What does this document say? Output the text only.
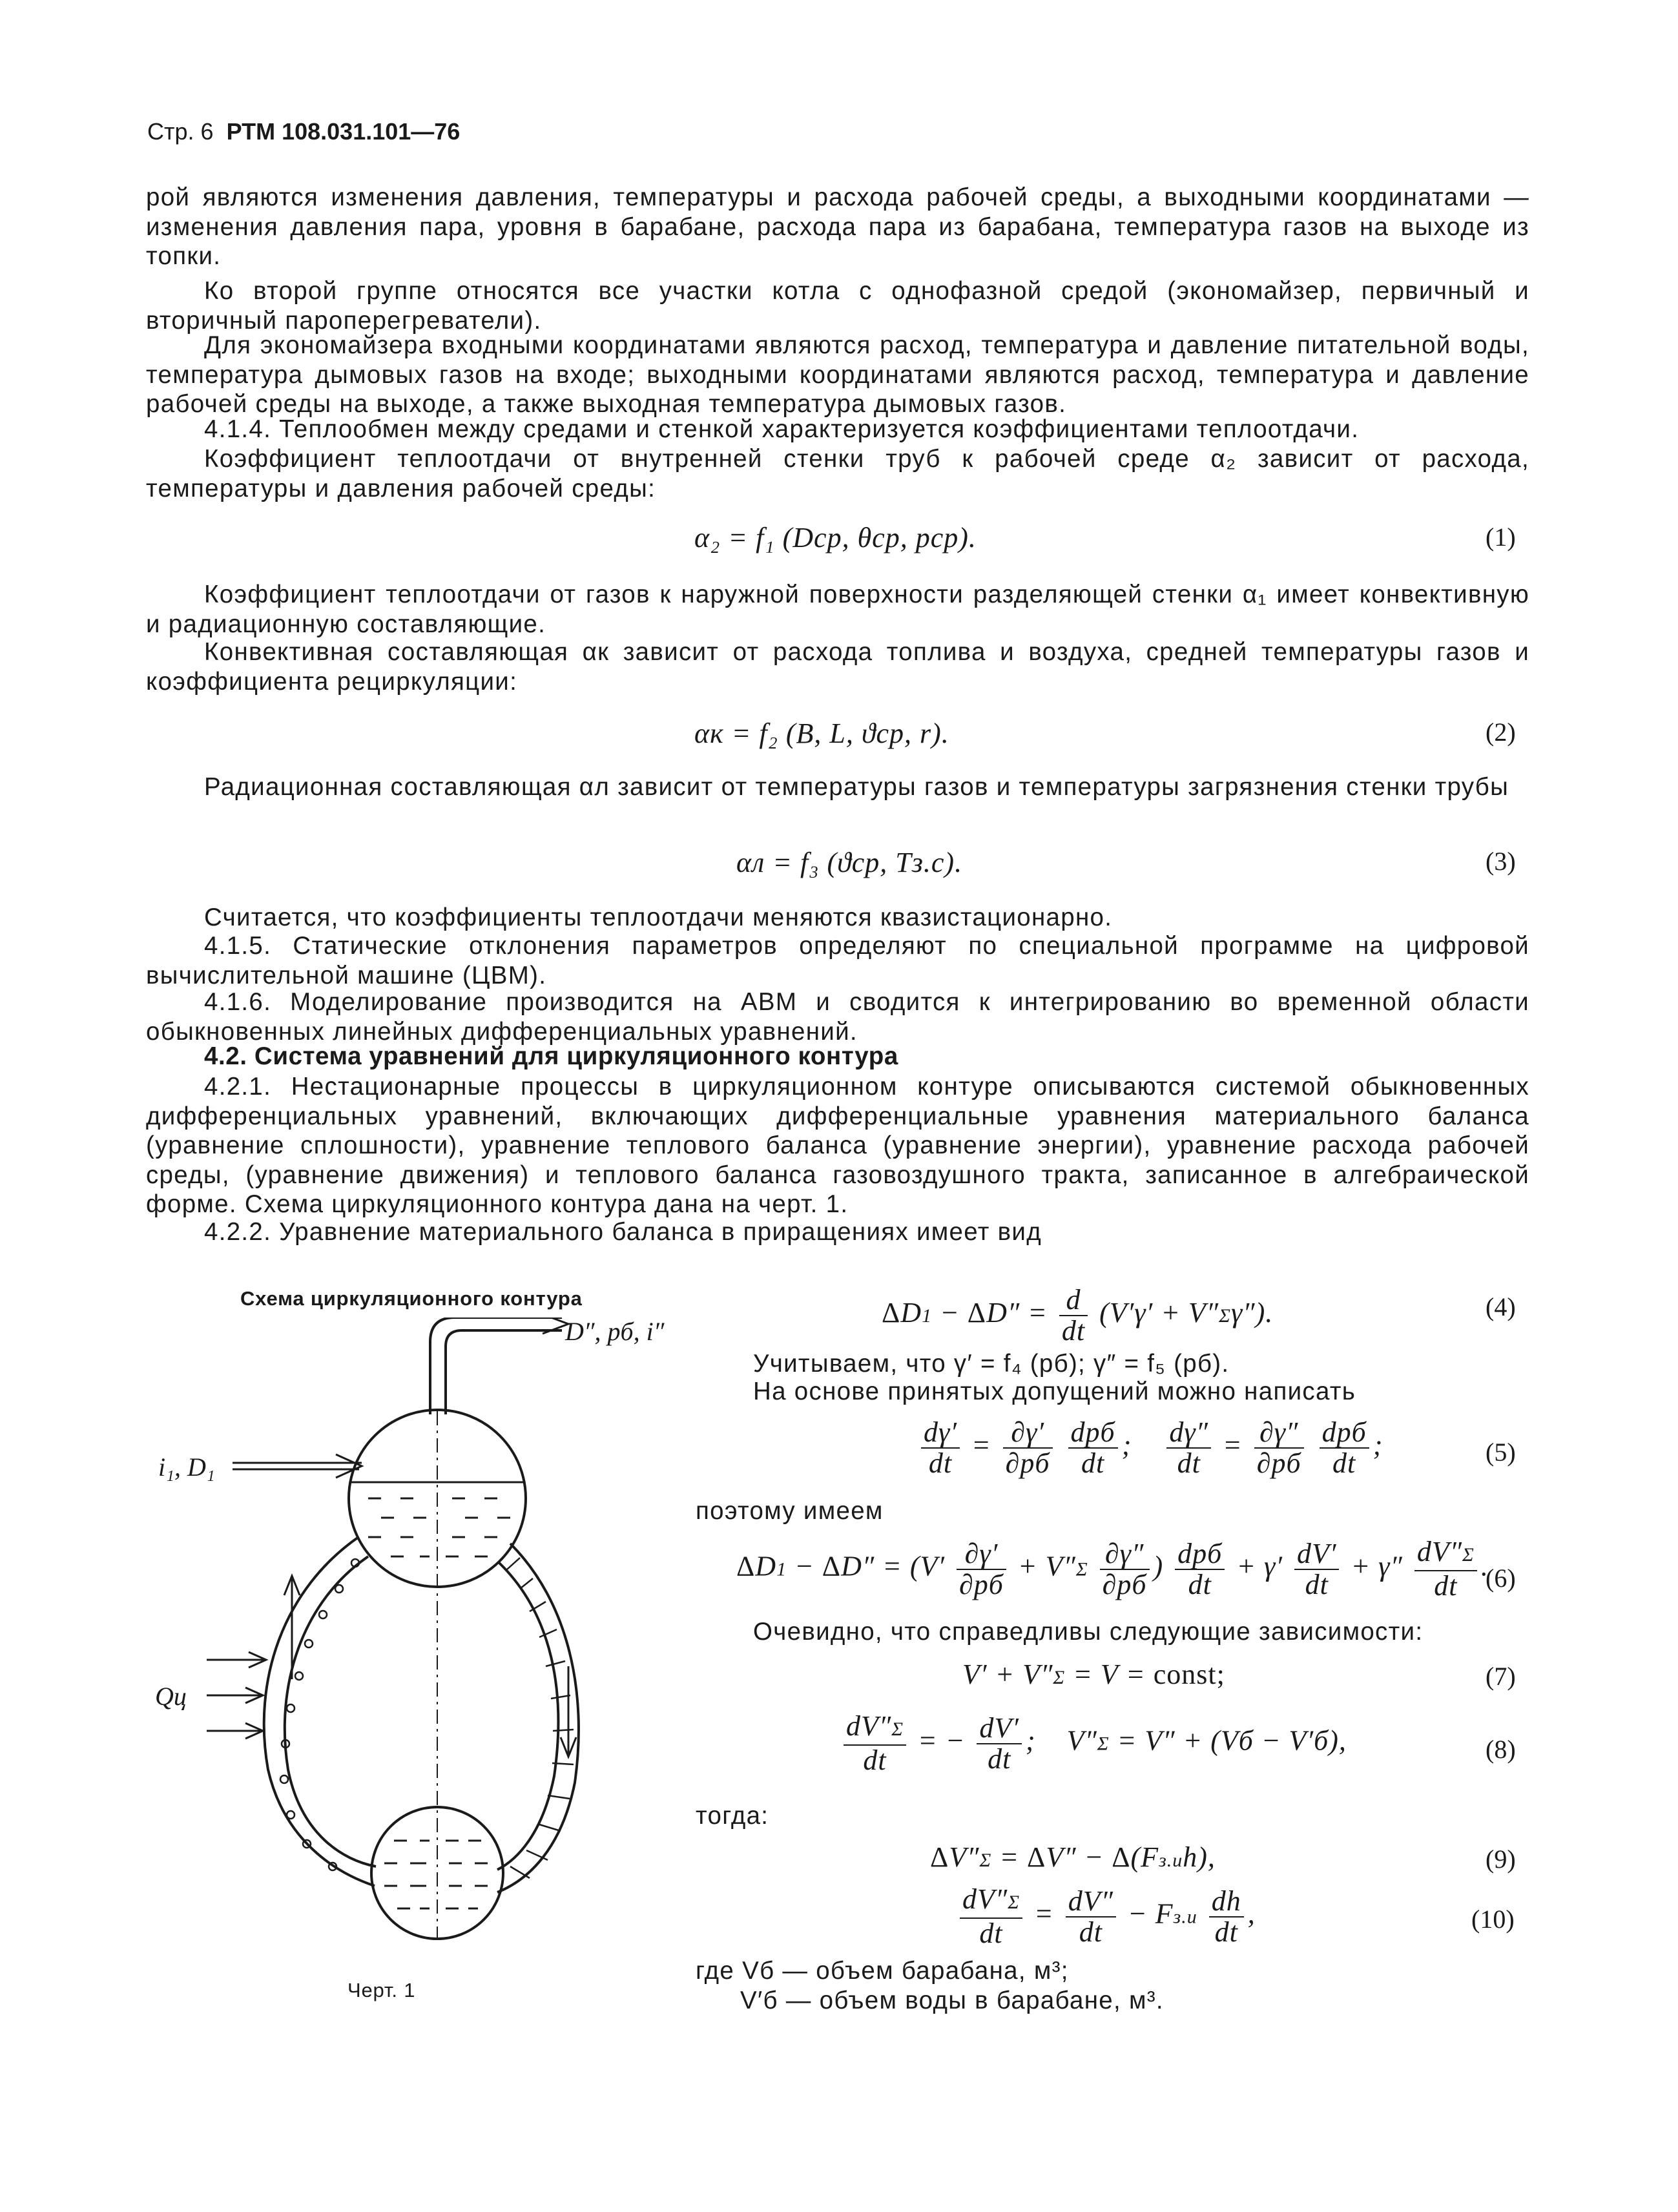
Стр. 6 РТМ 108.031.101—76

рой являются изменения давления, температуры и расхода рабочей среды, а выходными координатами — изменения давления пара, уровня в барабане, расхода пара из барабана, температура газов на выходе из топки.

Ко второй группе относятся все участки котла с однофазной средой (экономайзер, первичный и вторичный пароперегреватели).

Для экономайзера входными координатами являются расход, температура и давление питательной воды, температура дымовых газов на входе; выходными координатами являются расход, температура и давление рабочей среды на выходе, а также выходная температура дымовых газов.

4.1.4. Теплообмен между средами и стенкой характеризуется коэффициентами теплоотдачи.

Коэффициент теплоотдачи от внутренней стенки труб к рабочей среде α₂ зависит от расхода, температуры и давления рабочей среды:

α₂ = f₁ (Dср, θср, pср).	(1)

Коэффициент теплоотдачи от газов к наружной поверхности разделяющей стенки α₁ имеет конвективную и радиационную составляющие.

Конвективная составляющая αк зависит от расхода топлива и воздуха, средней температуры газов и коэффициента рециркуляции:

αк = f₂ (B, L, ϑср, r).	(2)

Радиационная составляющая αл зависит от температуры газов и температуры загрязнения стенки трубы

αл = f₃ (ϑср, Tз.с).	(3)

Считается, что коэффициенты теплоотдачи меняются квазистационарно.

4.1.5. Статические отклонения параметров определяют по специальной программе на цифровой вычислительной машине (ЦВМ).

4.1.6. Моделирование производится на АВМ и сводится к интегрированию во временной области обыкновенных линейных дифференциальных уравнений.

4.2. Система уравнений для циркуляционного контура

4.2.1. Нестационарные процессы в циркуляционном контуре описываются системой обыкновенных дифференциальных уравнений, включающих дифференциальные уравнения материального баланса (уравнение сплошности), уравнение теплового баланса (уравнение энергии), уравнение расхода рабочей среды, (уравнение движения) и теплового баланса газовоздушного тракта, записанное в алгебраической форме. Схема циркуляционного контура дана на черт. 1.

4.2.2. Уравнение материального баланса в приращениях имеет вид

Схема циркуляционного контура
D″, pб, i″
i₁, D₁
Qц
Черт. 1
$\Delta D1 - \Delta D'' = \frac{d}{dt} (V'\gamma' + V''\Sigma\gamma'')$.	(4)
Учитываем, что γ′ = f₄ (pб); γ″ = f₅ (pб).
На основе принятых допущений можно написать
$\frac{d\gamma'}{dt} = \frac{\partial\gamma'}{\partial pб}$
$\frac{\text{dpб}}{dt}$ ; $\frac{d\gamma''}{dt} = \frac{\partial\gamma''}{\partial pб}$
$\frac{\text{dpб}}{dt}$ ;	(5)
поэтому имеем
$\Delta D1 - \Delta D'' = (V' \frac{\partial\gamma'}{\partial pб} + V''\Sigma \frac{\partial\gamma''}{\partial pб}$ ) $\frac{\text{dpб}}{dt} + \gamma' \frac{dV'}{dt} + \gamma'' \frac{dV''\Sigma}{dt}$ .
(6)
Очевидно, что справедливы следующие зависимости:
V′ + V″Σ = V = const;	(7)
$\frac{dV''\Sigma}{dt}$ = − $\frac{dV'}{dt}$ ;    V″Σ = V″ + (Vб − V′б),	(8)
тогда:
ΔV″Σ = ΔV″ − Δ(Fз.иh),	(9)
$\frac{dV''\Sigma}{dt} = \frac{dV''}{dt} - Fз.и \frac{dh}{dt}$ ,	(10)
где Vб — объем барабана, м³;
V′б — объем воды в барабане, м³.
